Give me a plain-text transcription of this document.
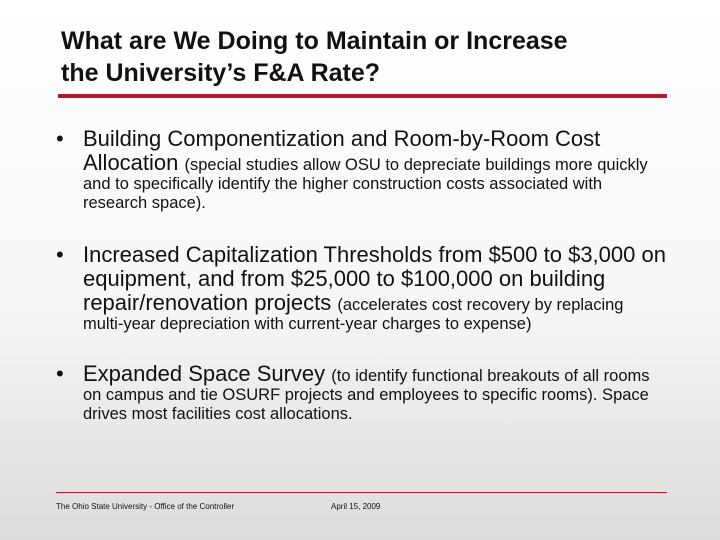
What are We Doing to Maintain or Increase
the University’s F&A Rate?
• Building Componentization and Room-by-Room Cost Allocation (special studies allow OSU to depreciate buildings more quickly and to specifically identify the higher construction costs associated with research space).
• Increased Capitalization Thresholds from $500 to $3,000 on equipment, and from $25,000 to $100,000 on building repair/renovation projects (accelerates cost recovery by replacing multi-year depreciation with current-year charges to expense)
• Expanded Space Survey (to identify functional breakouts of all rooms on campus and tie OSURF projects and employees to specific rooms). Space drives most facilities cost allocations.
The Ohio State University - Office of the Controller	April 15, 2009
